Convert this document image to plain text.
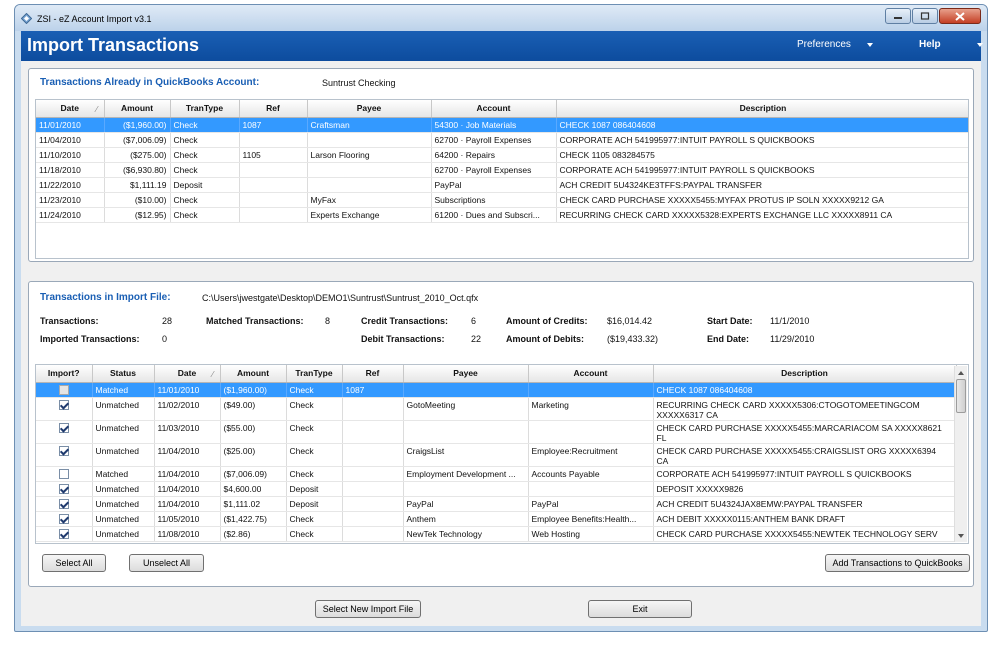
ZSI - eZ Account Import v3.1
Import Transactions	Preferences	Help
Transactions Already in QuickBooks Account:	Suntrust Checking
Date ⁄	Amount	TranType	Ref	Payee	Account	Description
11/01/2010	($1,960.00)	Check	1087	Craftsman	54300 · Job Materials	CHECK 1087 086404608
11/04/2010	($7,006.09)	Check			62700 · Payroll Expenses	CORPORATE ACH 541995977:INTUIT PAYROLL S QUICKBOOKS
11/10/2010	($275.00)	Check	1105	Larson Flooring	64200 · Repairs	CHECK 1105 083284575
11/18/2010	($6,930.80)	Check			62700 · Payroll Expenses	CORPORATE ACH 541995977:INTUIT PAYROLL S QUICKBOOKS
11/22/2010	$1,111.19	Deposit			PayPal	ACH CREDIT 5U4324KE3TFFS:PAYPAL TRANSFER
11/23/2010	($10.00)	Check		MyFax	Subscriptions	CHECK CARD PURCHASE XXXXX5455:MYFAX PROTUS IP SOLN XXXXX9212 GA
11/24/2010	($12.95)	Check		Experts Exchange	61200 · Dues and Subscri...	RECURRING CHECK CARD XXXXX5328:EXPERTS EXCHANGE LLC XXXXX8911 CA
Transactions in Import File:	C:\Users\jwestgate\Desktop\DEMO1\Suntrust\Suntrust_2010_Oct.qfx
Transactions:	28
Imported Transactions: 0
Matched Transactions: 8	Credit Transactions:	6
Debit Transactions:	22
Amount of Credits: $16,014.42
Amount of Debits:	($19,433.32)
Start Date: 11/1/2010
End Date: 11/29/2010
Import?	Status	Date ⁄	Amount	TranType	Ref	Payee	Account	Description

	Matched	11/01/2010	($1,960.00)	Check	1087			CHECK 1087 086404608

	Unmatched	11/02/2010	($49.00)	Check		GotoMeeting	Marketing	RECURRING CHECK CARD XXXXX5306:CTOGOTOMEETINGCOM
XXXXX6317 CA

	Unmatched	11/03/2010	($55.00)	Check				CHECK CARD PURCHASE XXXXX5455:MARCARIACOM SA XXXXX8621
FL

	Unmatched	11/04/2010	($25.00)	Check		CraigsList	Employee:Recruitment	CHECK CARD PURCHASE XXXXX5455:CRAIGSLIST ORG XXXXX6394
CA

	Matched	11/04/2010	($7,006.09)	Check		Employment Development ...	Accounts Payable	CORPORATE ACH 541995977:INTUIT PAYROLL S QUICKBOOKS

	Unmatched	11/04/2010	$4,600.00	Deposit				DEPOSIT XXXXX9826

	Unmatched	11/04/2010	$1,111.02	Deposit		PayPal	PayPal	ACH CREDIT 5U4324JAX8EMW:PAYPAL TRANSFER

	Unmatched	11/05/2010	($1,422.75)	Check		Anthem	Employee Benefits:Health...	ACH DEBIT XXXXX0115:ANTHEM BANK DRAFT

	Unmatched	11/08/2010	($2.86)	Check		NewTek Technology	Web Hosting	CHECK CARD PURCHASE XXXXX5455:NEWTEK TECHNOLOGY SERV
Select All	Unselect All	Add Transactions to QuickBooks
Select New Import File	Exit
